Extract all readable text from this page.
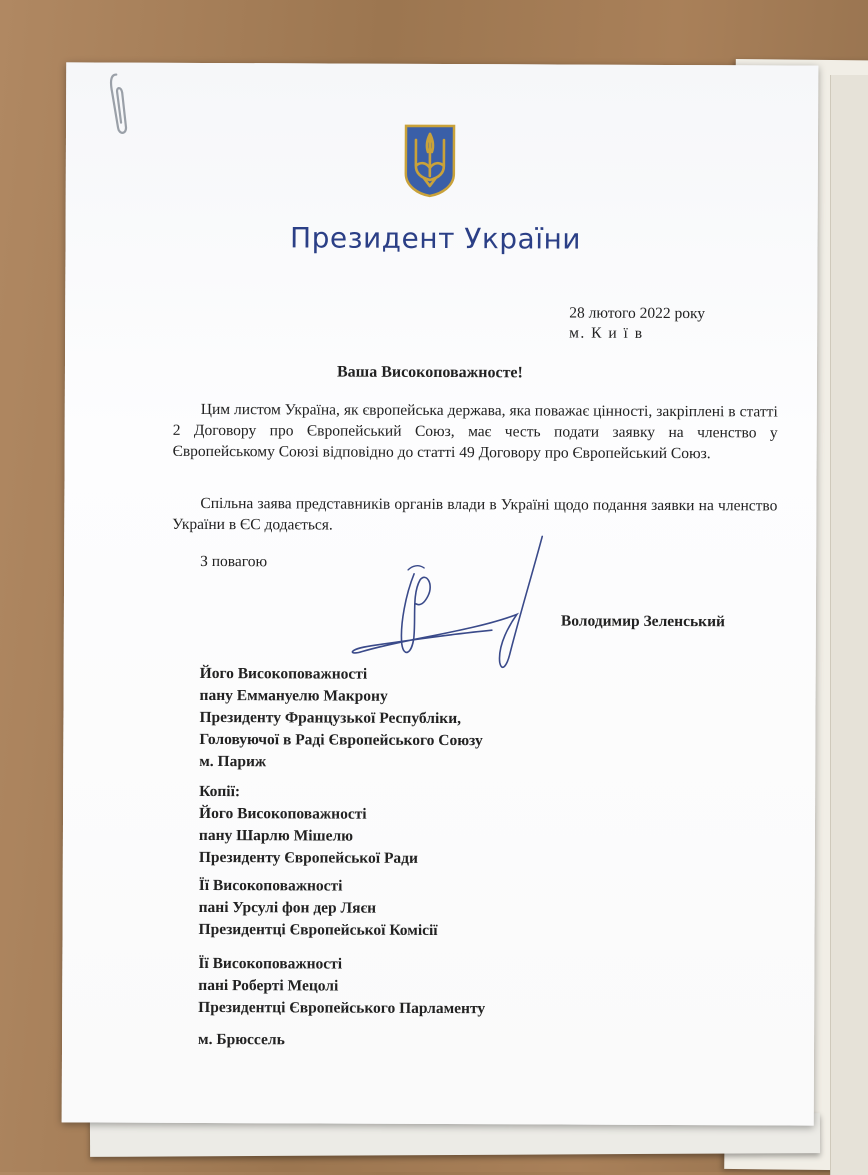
Президент України
28 лютого 2022 року
м. К и ї в
Ваша Високоповажносте!
Цим листом Україна, як європейська держава, яка поважає цінності, закріплені в статті 2 Договору про Європейський Союз, має честь подати заявку на членство у Європейському Союзі відповідно до статті 49 Договору про Європейський Союз.
Спільна заява представників органів влади в Україні щодо подання заявки на членство України в ЄС додається.
З повагою
Володимир Зеленський
Його Високоповажності
пану Еммануелю Макрону
Президенту Французької Республіки,
Головуючої в Раді Європейського Союзу
м. Париж
Копії:
Його Високоповажності
пану Шарлю Мішелю
Президенту Європейської Ради
Її Високоповажності
пані Урсулі фон дер Ляєн
Президентці Європейської Комісії
Її Високоповажності
пані Роберті Мецолі
Президентці Європейського Парламенту
м. Брюссель
